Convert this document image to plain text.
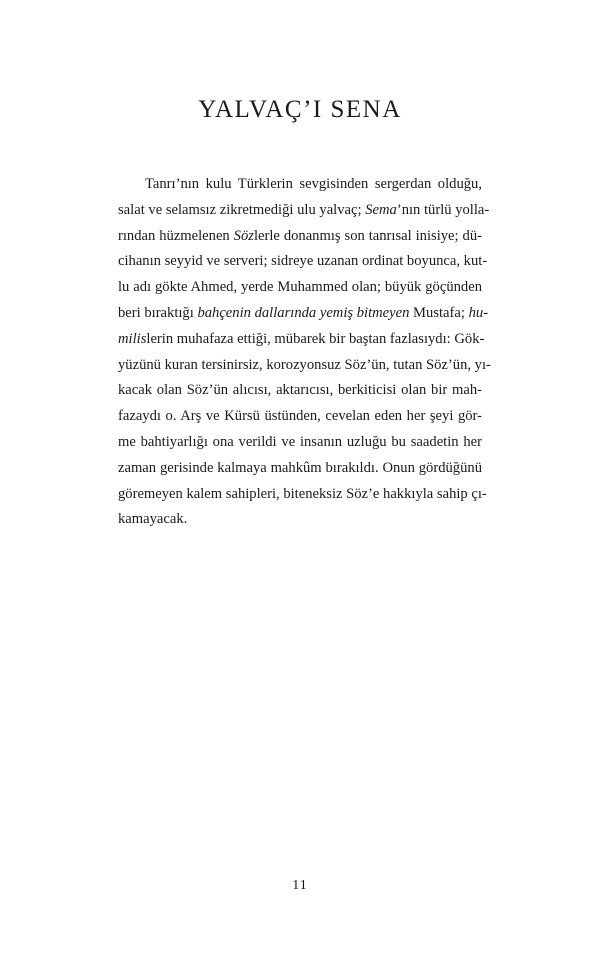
YALVAÇ’I SENA
Tanrı’nın kulu Türklerin sevgisinden sergerdan olduğu,
salat ve selamsız zikretmediği ulu yalvaç; Sema’nın türlü yolla-
rından hüzmelenen Sözlerle donanmış son tanrısal inisiye; dü-
cihanın seyyid ve serveri; sidreye uzanan ordinat boyunca, kut-
lu adı gökte Ahmed, yerde Muhammed olan; büyük göçünden
beri bıraktığı bahçenin dallarında yemiş bitmeyen Mustafa; hu-
milislerin muhafaza ettiği, mübarek bir baştan fazlasıydı: Gök-
yüzünü kuran tersinirsiz, korozyonsuz Söz’ün, tutan Söz’ün, yı-
kacak olan Söz’ün alıcısı, aktarıcısı, berkiticisi olan bir mah-
fazaydı o. Arş ve Kürsü üstünden, cevelan eden her şeyi gör-
me bahtiyarlığı ona verildi ve insanın uzluğu bu saadetin her
zaman gerisinde kalmaya mahkûm bırakıldı. Onun gördüğünü
göremeyen kalem sahipleri, biteneksiz Söz’e hakkıyla sahip çı-
kamayacak.
11
